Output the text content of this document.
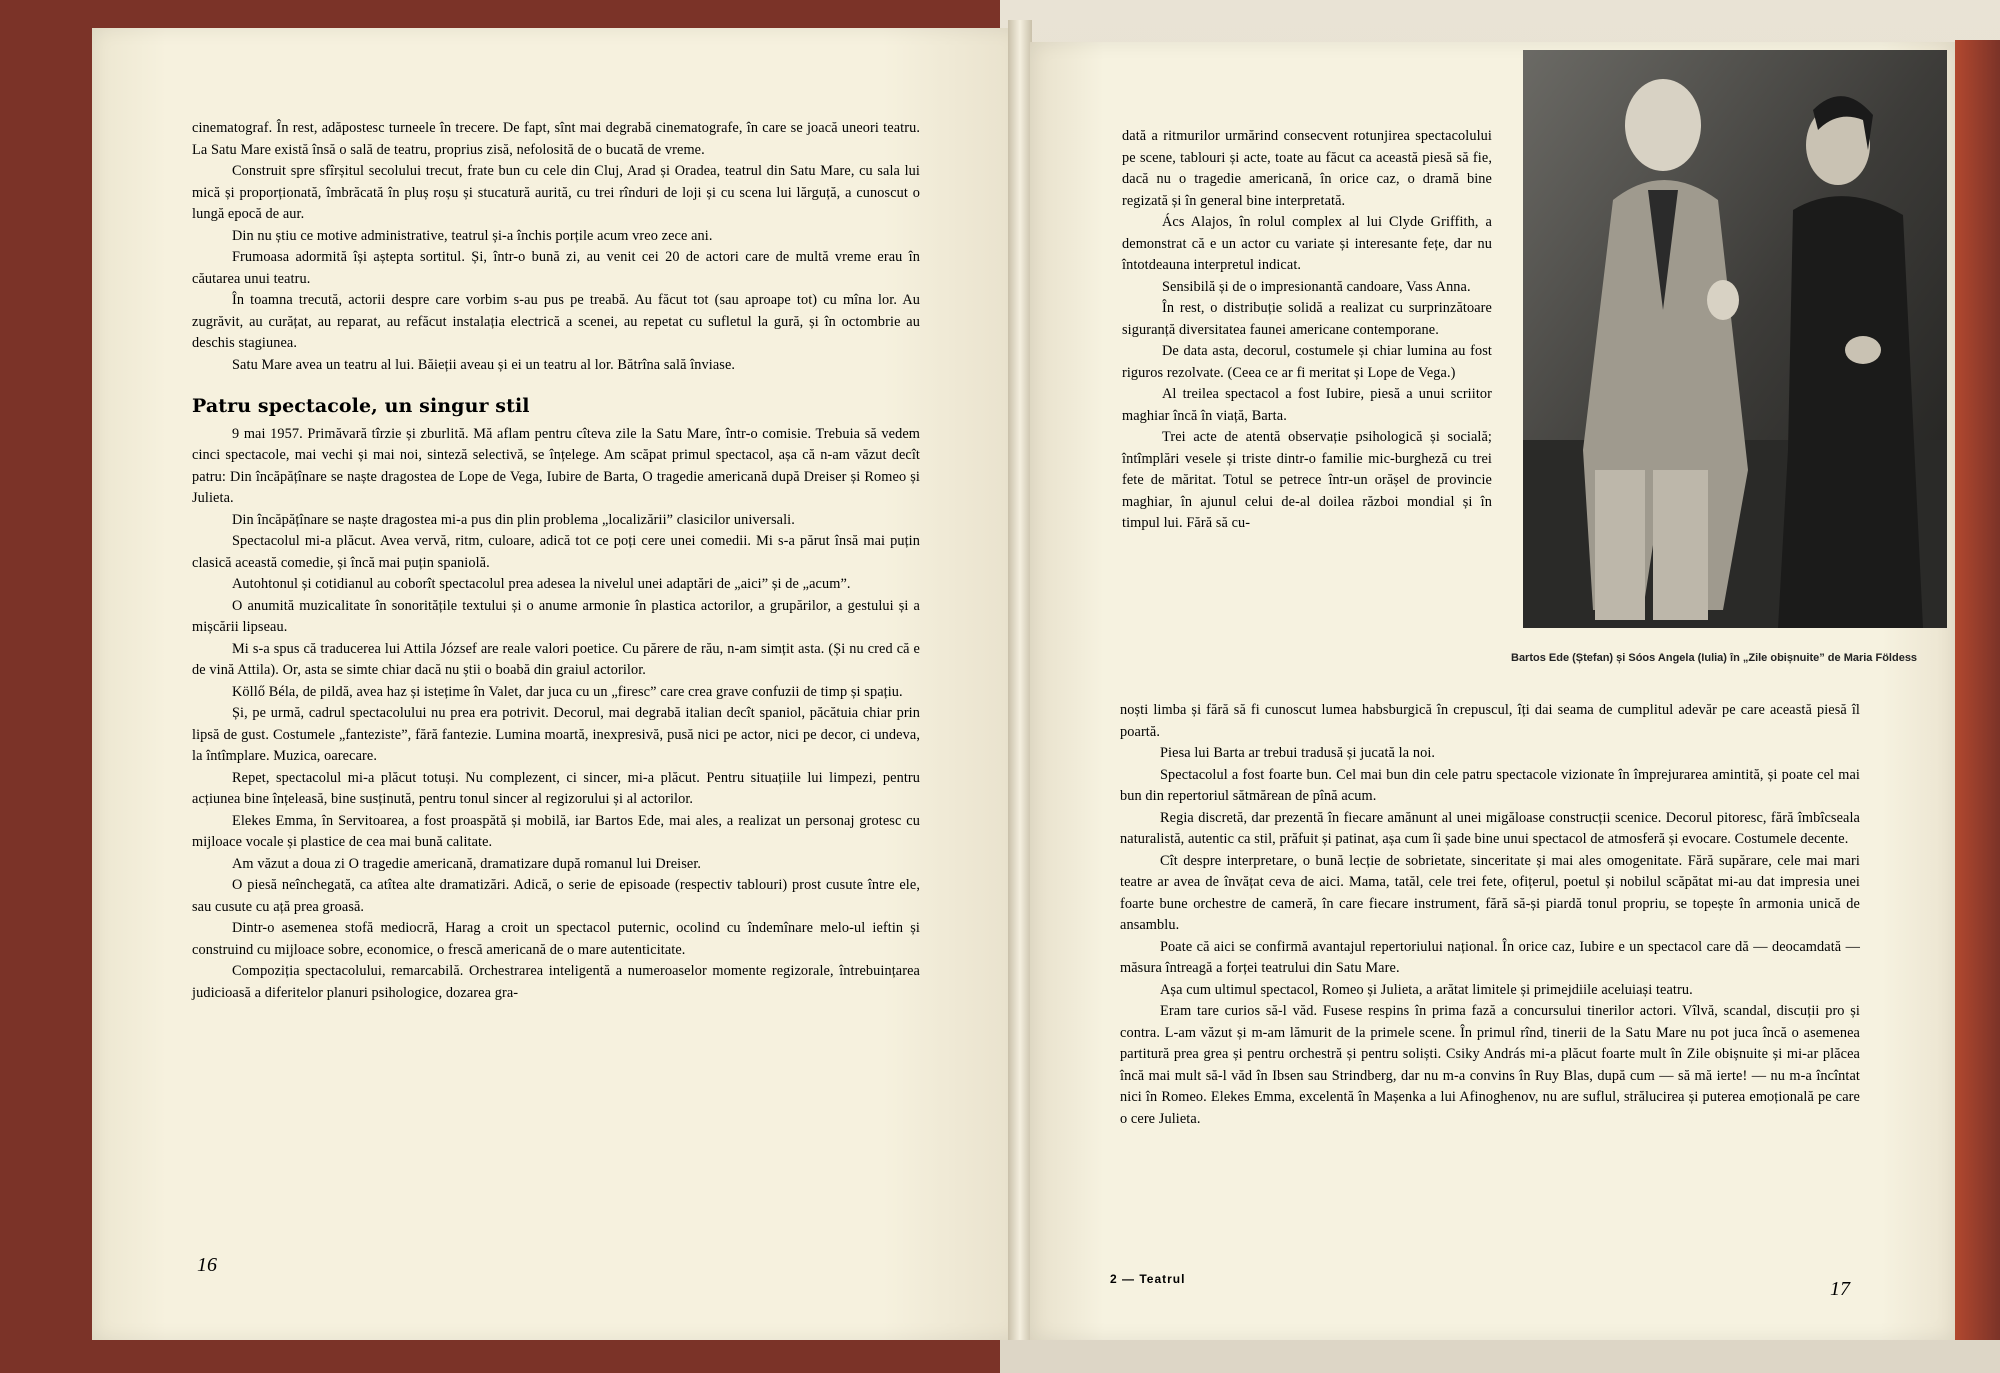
cinematograf. În rest, adăpostesc turneele în trecere. De fapt, sînt mai degrabă cinematografe, în care se joacă uneori teatru. La Satu Mare există însă o sală de teatru, proprius zisă, nefolosită de o bucată de vreme.

Construit spre sfîrșitul secolului trecut, frate bun cu cele din Cluj, Arad și Oradea, teatrul din Satu Mare, cu sala lui mică și proporționată, îmbrăcată în pluș roșu și stucatură aurită, cu trei rînduri de loji și cu scena lui lărguță, a cunoscut o lungă epocă de aur.

Din nu știu ce motive administrative, teatrul și-a închis porțile acum vreo zece ani.

Frumoasa adormită își aștepta sortitul. Și, într-o bună zi, au venit cei 20 de actori care de multă vreme erau în căutarea unui teatru.

În toamna trecută, actorii despre care vorbim s-au pus pe treabă. Au făcut tot (sau aproape tot) cu mîna lor. Au zugrăvit, au curățat, au reparat, au refăcut instalația electrică a scenei, au repetat cu sufletul la gură, și în octombrie au deschis stagiunea.

Satu Mare avea un teatru al lui. Băieții aveau și ei un teatru al lor. Bătrîna sală înviase.

Patru spectacole, un singur stil

9 mai 1957. Primăvară tîrzie și zburlită. Mă aflam pentru cîteva zile la Satu Mare, într-o comisie. Trebuia să vedem cinci spectacole, mai vechi și mai noi, sinteză selectivă, se înțelege. Am scăpat primul spectacol, așa că n-am văzut decît patru: Din încăpățînare se naște dragostea de Lope de Vega, Iubire de Barta, O tragedie americană după Dreiser și Romeo și Julieta.

Din încăpățînare se naște dragostea mi-a pus din plin problema „localizării” clasicilor universali.

Spectacolul mi-a plăcut. Avea vervă, ritm, culoare, adică tot ce poți cere unei comedii. Mi s-a părut însă mai puțin clasică această comedie, și încă mai puțin spaniolă.

Autohtonul și cotidianul au coborît spectacolul prea adesea la nivelul unei adaptări de „aici” și de „acum”.

O anumită muzicalitate în sonoritățile textului și o anume armonie în plastica actorilor, a grupărilor, a gestului și a mișcării lipseau.

Mi s-a spus că traducerea lui Attila József are reale valori poetice. Cu părere de rău, n-am simțit asta. (Și nu cred că e de vină Attila). Or, asta se simte chiar dacă nu știi o boabă din graiul actorilor.

Köllő Béla, de pildă, avea haz și istețime în Valet, dar juca cu un „firesc” care crea grave confuzii de timp și spațiu.

Și, pe urmă, cadrul spectacolului nu prea era potrivit. Decorul, mai degrabă italian decît spaniol, păcătuia chiar prin lipsă de gust. Costumele „fanteziste”, fără fantezie. Lumina moartă, inexpresivă, pusă nici pe actor, nici pe decor, ci undeva, la întîmplare. Muzica, oarecare.

Repet, spectacolul mi-a plăcut totuși. Nu complezent, ci sincer, mi-a plăcut. Pentru situațiile lui limpezi, pentru acțiunea bine înțeleasă, bine susținută, pentru tonul sincer al regizorului și al actorilor.

Elekes Emma, în Servitoarea, a fost proaspătă și mobilă, iar Bartos Ede, mai ales, a realizat un personaj grotesc cu mijloace vocale și plastice de cea mai bună calitate.

Am văzut a doua zi O tragedie americană, dramatizare după romanul lui Dreiser.

O piesă neînchegată, ca atîtea alte dramatizări. Adică, o serie de episoade (respectiv tablouri) prost cusute între ele, sau cusute cu ață prea groasă.

Dintr-o asemenea stofă mediocră, Harag a croit un spectacol puternic, ocolind cu îndemînare melo-ul ieftin și construind cu mijloace sobre, economice, o frescă americană de o mare autenticitate.

Compoziția spectacolului, remarcabilă. Orchestrarea inteligentă a numeroaselor momente regizorale, întrebuințarea judicioasă a diferitelor planuri psihologice, dozarea gra-

16

dată a ritmurilor urmărind consecvent rotunjirea spectacolului pe scene, tablouri și acte, toate au făcut ca această piesă să fie, dacă nu o tragedie americană, în orice caz, o dramă bine regizată și în general bine interpretată.

Ács Alajos, în rolul complex al lui Clyde Griffith, a demonstrat că e un actor cu variate și interesante fețe, dar nu întotdeauna interpretul indicat.

Sensibilă și de o impresionantă candoare, Vass Anna.

În rest, o distribuție solidă a realizat cu surprinzătoare siguranță diversitatea faunei americane contemporane.

De data asta, decorul, costumele și chiar lumina au fost riguros rezolvate. (Ceea ce ar fi meritat și Lope de Vega.)

Al treilea spectacol a fost Iubire, piesă a unui scriitor maghiar încă în viață, Barta.

Trei acte de atentă observație psihologică și socială; întîmplări vesele și triste dintr-o familie mic-burgheză cu trei fete de măritat. Totul se petrece într-un orășel de provincie maghiar, în ajunul celui de-al doilea război mondial și în timpul lui. Fără să cu-

Bartos Ede (Ștefan) și Sóos Angela (Iulia) în „Zile obișnuite” de Maria Földess

noști limba și fără să fi cunoscut lumea habsburgică în crepuscul, îți dai seama de cumplitul adevăr pe care această piesă îl poartă.

Piesa lui Barta ar trebui tradusă și jucată la noi.

Spectacolul a fost foarte bun. Cel mai bun din cele patru spectacole vizionate în împrejurarea amintită, și poate cel mai bun din repertoriul sătmărean de pînă acum.

Regia discretă, dar prezentă în fiecare amănunt al unei migăloase construcții scenice. Decorul pitoresc, fără îmbîcseala naturalistă, autentic ca stil, prăfuit și patinat, așa cum îi șade bine unui spectacol de atmosferă și evocare. Costumele decente.

Cît despre interpretare, o bună lecție de sobrietate, sinceritate și mai ales omogenitate. Fără supărare, cele mai mari teatre ar avea de învățat ceva de aici. Mama, tatăl, cele trei fete, ofițerul, poetul și nobilul scăpătat mi-au dat impresia unei foarte bune orchestre de cameră, în care fiecare instrument, fără să-și piardă tonul propriu, se topește în armonia unică de ansamblu.

Poate că aici se confirmă avantajul repertoriului național. În orice caz, Iubire e un spectacol care dă — deocamdată — măsura întreagă a forței teatrului din Satu Mare.

Așa cum ultimul spectacol, Romeo și Julieta, a arătat limitele și primejdiile aceluiași teatru.

Eram tare curios să-l văd. Fusese respins în prima fază a concursului tinerilor actori. Vîlvă, scandal, discuții pro și contra. L-am văzut și m-am lămurit de la primele scene. În primul rînd, tinerii de la Satu Mare nu pot juca încă o asemenea partitură prea grea și pentru orchestră și pentru soliști. Csiky András mi-a plăcut foarte mult în Zile obișnuite și mi-ar plăcea încă mai mult să-l văd în Ibsen sau Strindberg, dar nu m-a convins în Ruy Blas, după cum — să mă ierte! — nu m-a încîntat nici în Romeo. Elekes Emma, excelentă în Mașenka a lui Afinoghenov, nu are suflul, strălucirea și puterea emoțională pe care o cere Julieta.

2 — Teatrul	17
